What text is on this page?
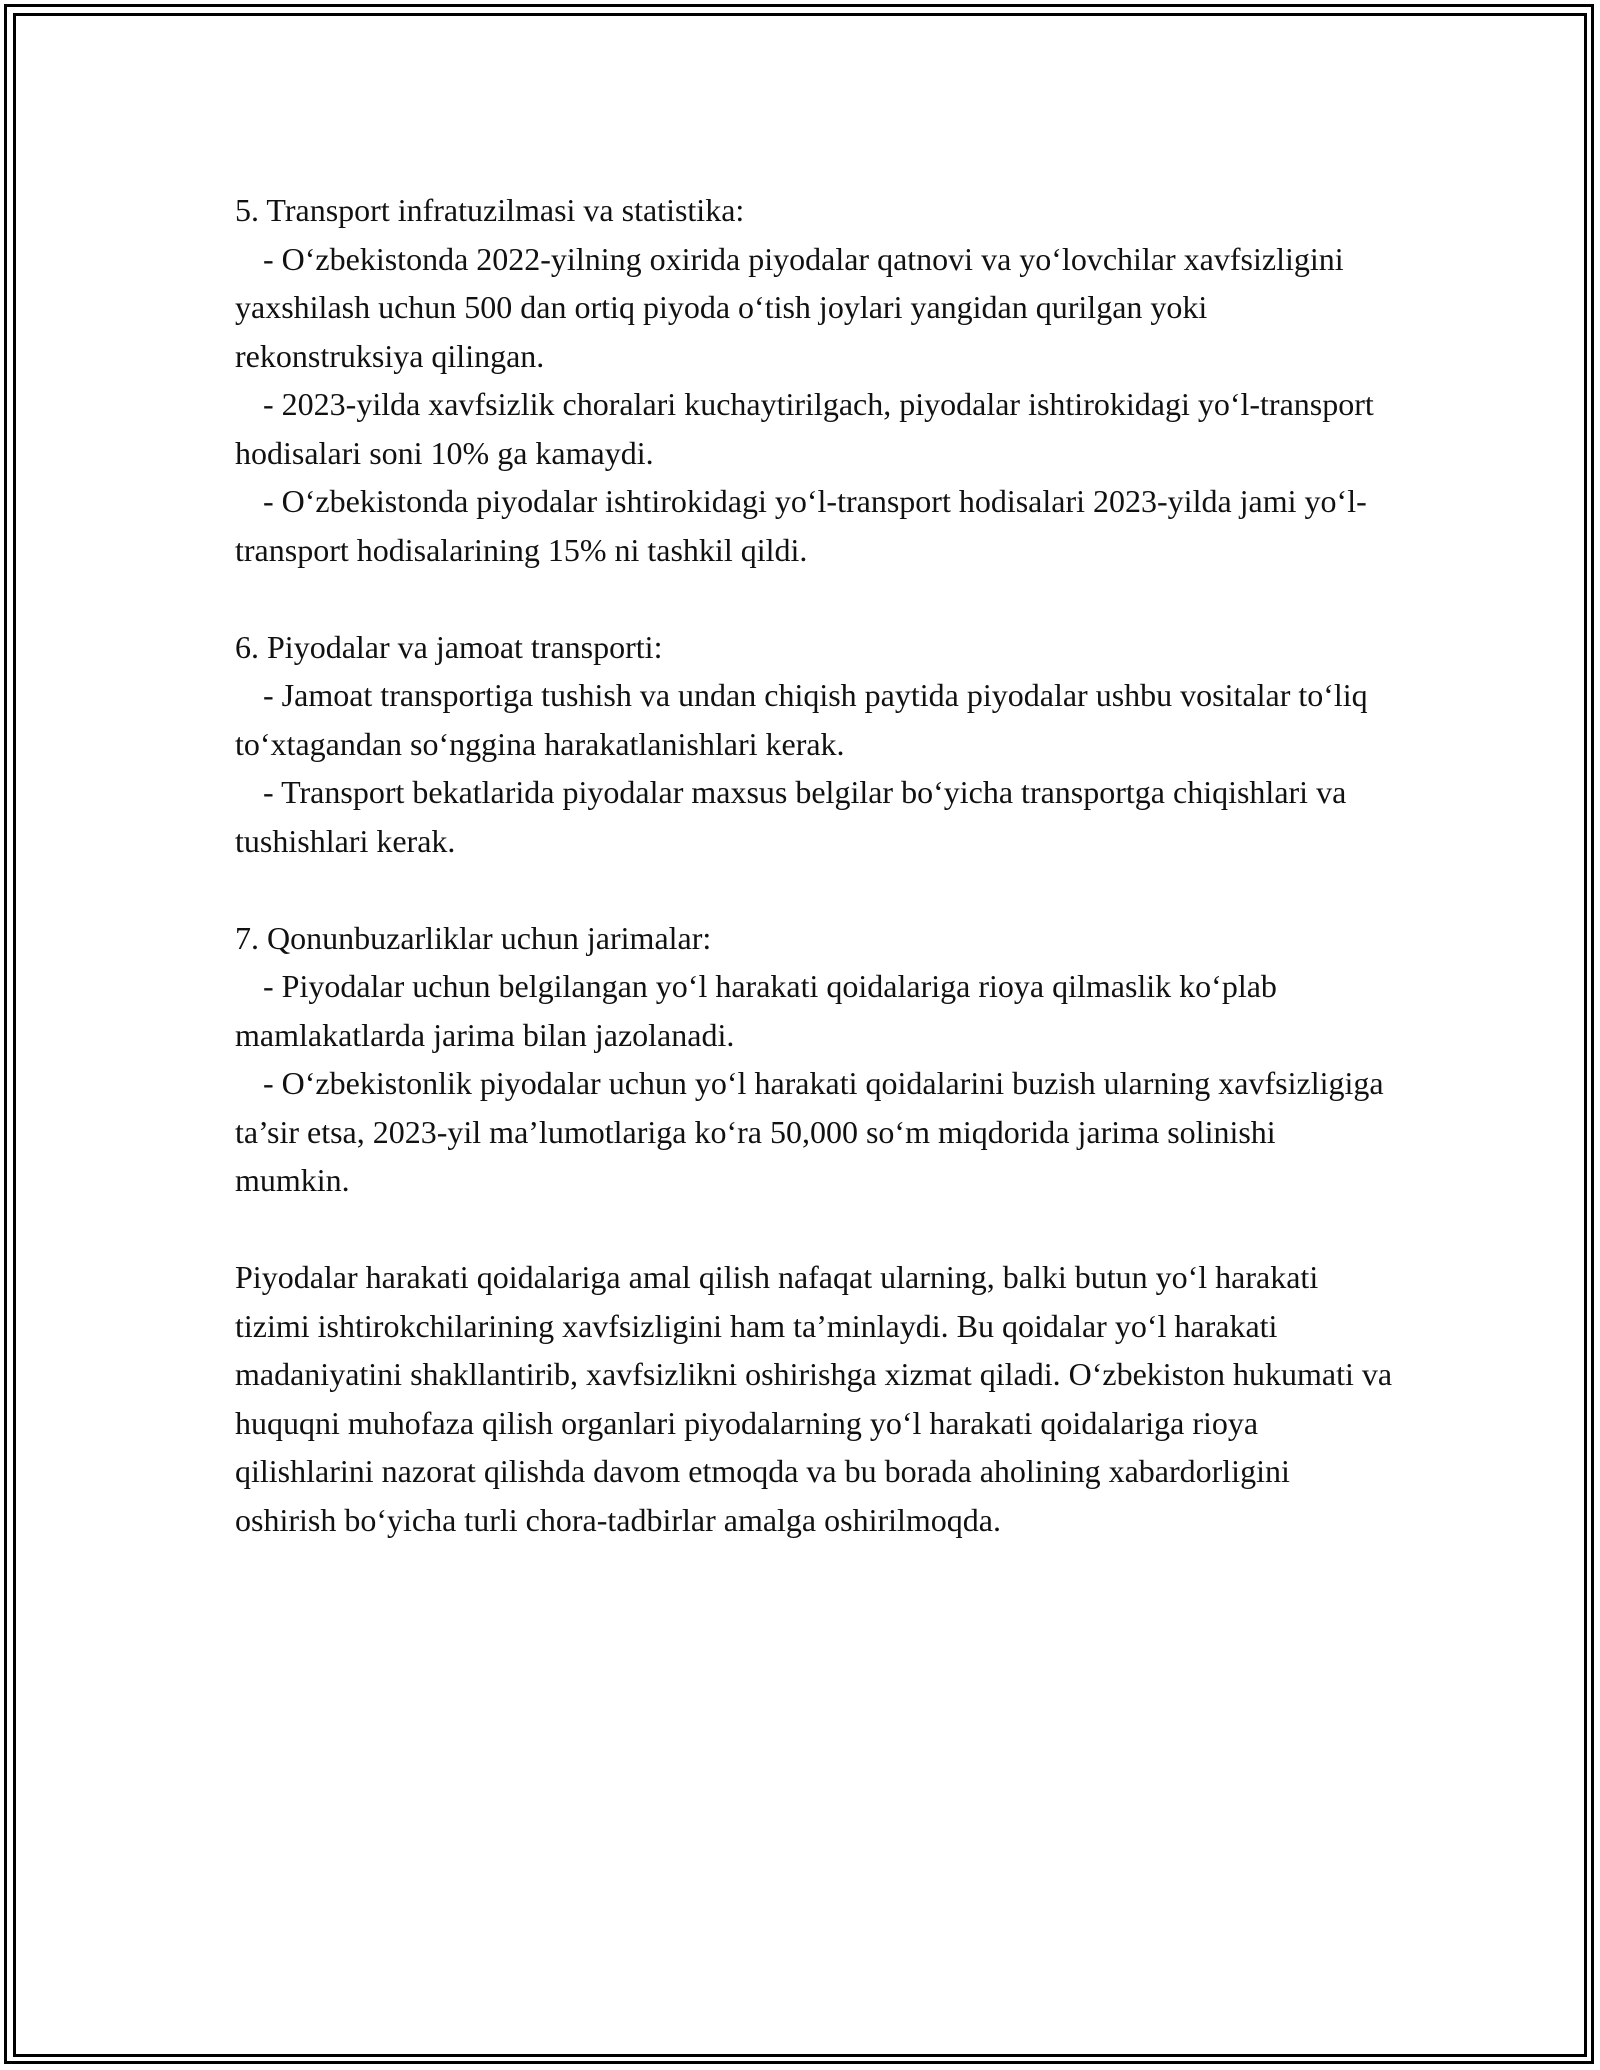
5. Transport infratuzilmasi va statistika:

- O‘zbekistonda 2022-yilning oxirida piyodalar qatnovi va yo‘lovchilar xavfsizligini yaxshilash uchun 500 dan ortiq piyoda o‘tish joylari yangidan qurilgan yoki rekonstruksiya qilingan.

- 2023-yilda xavfsizlik choralari kuchaytirilgach, piyodalar ishtirokidagi yo‘l-transport hodisalari soni 10% ga kamaydi.

- O‘zbekistonda piyodalar ishtirokidagi yo‘l-transport hodisalari 2023-yilda jami yo‘l-transport hodisalarining 15% ni tashkil qildi.

6. Piyodalar va jamoat transporti:

- Jamoat transportiga tushish va undan chiqish paytida piyodalar ushbu vositalar to‘liq to‘xtagandan so‘nggina harakatlanishlari kerak.

- Transport bekatlarida piyodalar maxsus belgilar bo‘yicha transportga chiqishlari va tushishlari kerak.

7. Qonunbuzarliklar uchun jarimalar:

- Piyodalar uchun belgilangan yo‘l harakati qoidalariga rioya qilmaslik ko‘plab mamlakatlarda jarima bilan jazolanadi.

- O‘zbekistonlik piyodalar uchun yo‘l harakati qoidalarini buzish ularning xavfsizligiga ta’sir etsa, 2023-yil ma’lumotlariga ko‘ra 50,000 so‘m miqdorida jarima solinishi mumkin.

Piyodalar harakati qoidalariga amal qilish nafaqat ularning, balki butun yo‘l harakati tizimi ishtirokchilarining xavfsizligini ham ta’minlaydi. Bu qoidalar yo‘l harakati madaniyatini shakllantirib, xavfsizlikni oshirishga xizmat qiladi. O‘zbekiston hukumati va huquqni muhofaza qilish organlari piyodalarning yo‘l harakati qoidalariga rioya qilishlarini nazorat qilishda davom etmoqda va bu borada aholining xabardorligini oshirish bo‘yicha turli chora-tadbirlar amalga oshirilmoqda.
